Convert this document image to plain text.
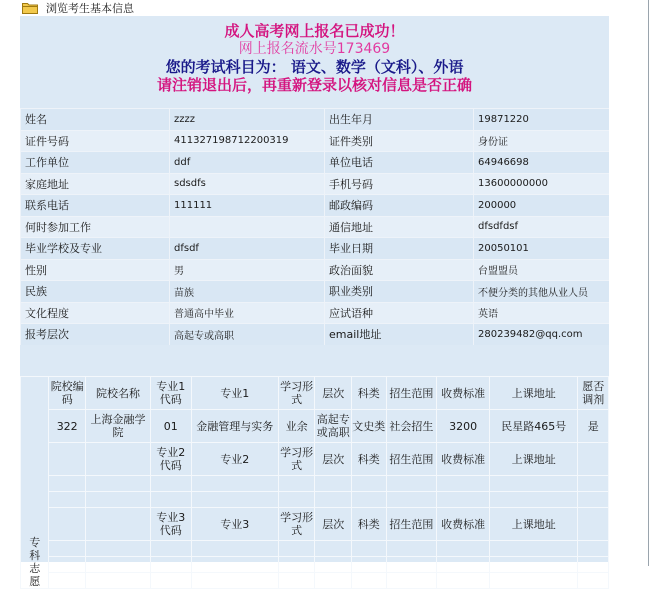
浏览考生基本信息
成人高考网上报名已成功！
网上报名流水号173469
您的考试科目为： 语文、数学（文科）、外语
请注销退出后，再重新登录以核对信息是否正确
姓名	zzzz	出生年月	19871220
证件号码	411327198712200319	证件类别	身份证
工作单位	ddf	单位电话	64946698
家庭地址	sdsdfs	手机号码	13600000000
联系电话	111111	邮政编码	200000
何时参加工作		通信地址	dfsdfdsf
毕业学校及专业	dfsdf	毕业日期	20050101
性别	男	政治面貌	台盟盟员
民族	苗族	职业类别	不便分类的其他从业人员
文化程度	普通高中毕业	应试语种	英语
报考层次	高起专或高职	email地址	280239482@qq.com
专科志愿	院校编码	院校名称	专业1代码	专业1	学习形式	层次	科类	招生范围	收费标准	上课地址	愿否调剂
	322	上海金融学院	01	金融管理与实务	业余	高起专或高职	文史类	社会招生	3200	民星路465号	是
			专业2代码	专业2	学习形式	层次	科类	招生范围	收费标准	上课地址	

			专业3代码	专业3	学习形式	层次	科类	招生范围	收费标准	上课地址	
